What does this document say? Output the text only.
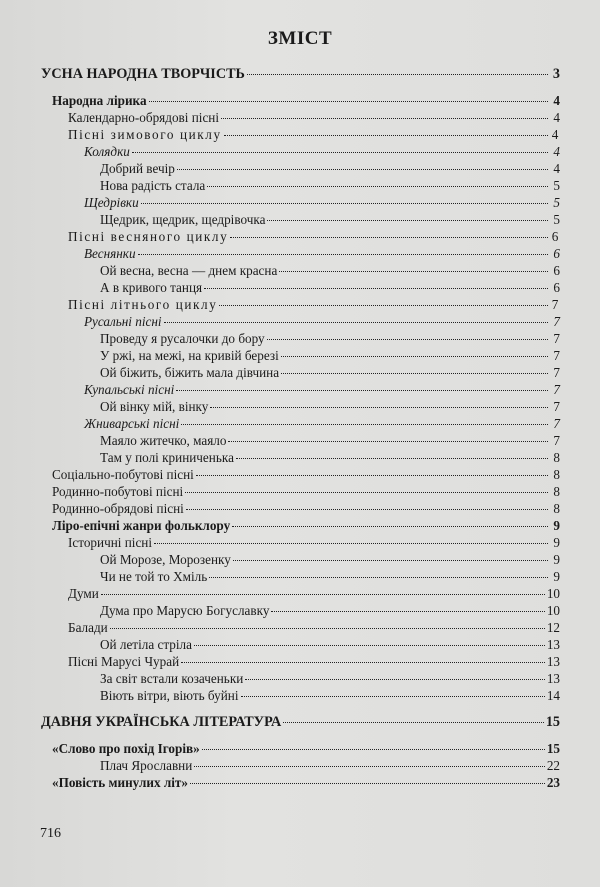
ЗМІСТ
УСНА НАРОДНА ТВОРЧІСТЬ	3
Народна лірика	4
Календарно-обрядові пісні	4
Пісні зимового циклу	4
Колядки	4
Добрий вечір	4
Нова радість стала	5
Щедрівки	5
Щедрик, щедрик, щедрівочка	5
Пісні весняного циклу	6
Веснянки	6
Ой весна, весна — днем красна	6
А в кривого танця	6
Пісні літнього циклу	7
Русальні пісні	7
Проведу я русалочки до бору	7
У ржі, на межі, на кривій березі	7
Ой біжить, біжить мала дівчина	7
Купальські пісні	7
Ой вінку мій, вінку	7
Жниварські пісні	7
Маяло житечко, маяло	7
Там у полі криниченька	8
Соціально-побутові пісні	8
Родинно-побутові пісні	8
Родинно-обрядові пісні	8
Ліро-епічні жанри фольклору	9
Історичні пісні	9
Ой Морозе, Морозенку	9
Чи не той то Хміль	9
Думи	10
Дума про Марусю Богуславку	10
Балади	12
Ой летіла стріла	13
Пісні Марусі Чурай	13
За світ встали козаченьки	13
Віють вітри, віють буйні	14
ДАВНЯ УКРАЇНСЬКА ЛІТЕРАТУРА	15
«Слово про похід Ігорів»	15
Плач Ярославни	22
«Повість минулих літ»	23
716
